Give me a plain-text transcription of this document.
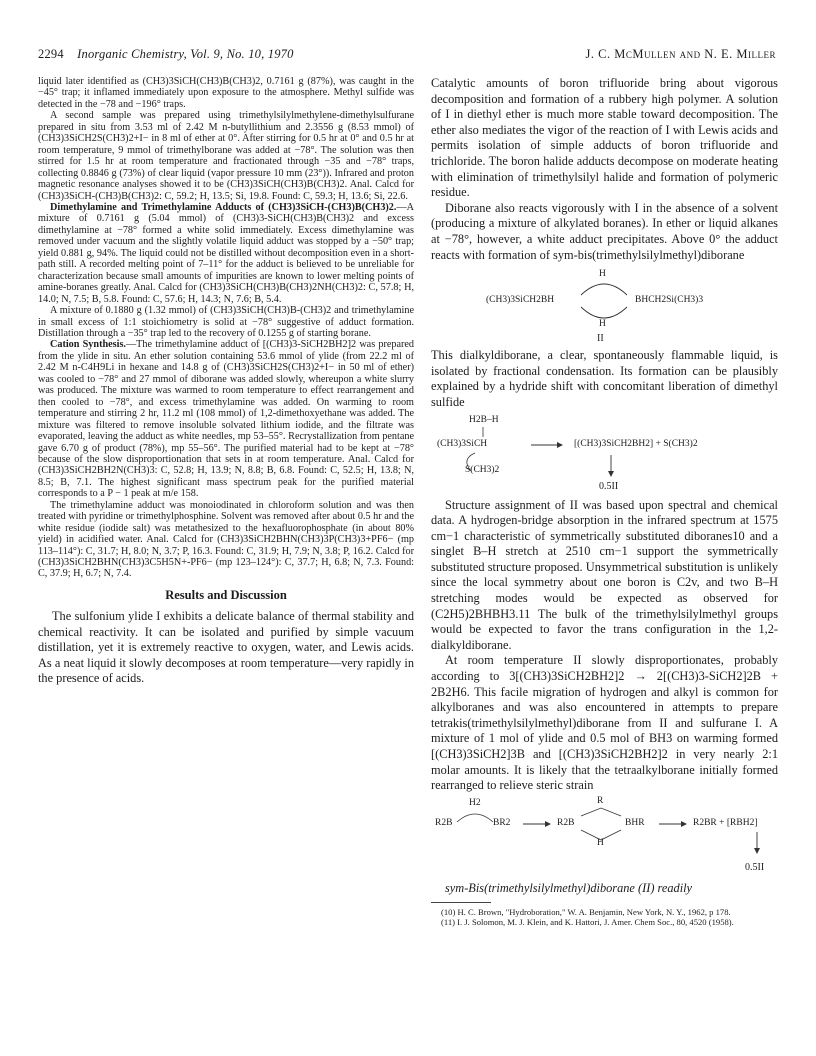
2294 Inorganic Chemistry, Vol. 9, No. 10, 1970	J. C. McMullen and N. E. Miller

liquid later identified as (CH3)3SiCH(CH3)B(CH3)2, 0.7161 g (87%), was caught in the −45° trap; it inflamed immediately upon exposure to the atmosphere. Methyl sulfide was detected in the −78 and −196° traps.

A second sample was prepared using trimethylsilylmethylene-dimethylsulfurane prepared in situ from 3.53 ml of 2.42 M n-butyllithium and 2.3556 g (8.53 mmol) of (CH3)3SiCH2S(CH3)2+I− in 8 ml of ether at 0°. After stirring for 0.5 hr at 0° and 0.5 hr at room temperature, 9 mmol of trimethylborane was added at −78°. The solution was then stirred for 1.5 hr at room temperature and fractionated through −35 and −78° traps, collecting 0.8846 g (73%) of clear liquid (vapor pressure 10 mm (23°)). Infrared and proton magnetic resonance analyses showed it to be (CH3)3SiCH(CH3)B(CH3)2. Anal. Calcd for (CH3)3SiCH-(CH3)B(CH3)2: C, 59.2; H, 13.5; Si, 19.8. Found: C, 59.3; H, 13.6; Si, 22.6.

Dimethylamine and Trimethylamine Adducts of (CH3)3SiCH-(CH3)B(CH3)2.—A mixture of 0.7161 g (5.04 mmol) of (CH3)3-SiCH(CH3)B(CH3)2 and excess dimethylamine at −78° formed a white solid immediately. Excess dimethylamine was removed under vacuum and the slightly volatile liquid adduct was stopped by a −50° trap; yield 0.881 g, 94%. The liquid could not be distilled without decomposition even in a short-path still. A recorded melting point of 7–11° for the adduct is believed to be unreliable for characterization because small amounts of impurities are known to lower melting points of amine-boranes greatly. Anal. Calcd for (CH3)3SiCH(CH3)B(CH3)2NH(CH3)2: C, 57.8; H, 14.0; N, 7.5; B, 5.8. Found: C, 57.6; H, 14.3; N, 7.6; B, 5.4.

A mixture of 0.1880 g (1.32 mmol) of (CH3)3SiCH(CH3)B-(CH3)2 and trimethylamine in small excess of 1:1 stoichiometry is solid at −78° suggestive of adduct formation. Distillation through a −35° trap led to the recovery of 0.1255 g of starting borane.

Cation Synthesis.—The trimethylamine adduct of [(CH3)3-SiCH2BH2]2 was prepared from the ylide in situ. An ether solution containing 53.6 mmol of ylide (from 22.2 ml of 2.42 M n-C4H9Li in hexane and 14.8 g of (CH3)3SiCH2S(CH3)2+I− in 50 ml of ether) was cooled to −78° and 27 mmol of diborane was added slowly, whereupon a white slurry was produced. The mixture was warmed to room temperature to effect rearrangement and then cooled to −78°, and excess trimethylamine was added. On warming to room temperature and stirring 2 hr, 11.2 ml (108 mmol) of 1,2-dimethoxyethane was added. The mixture was filtered to remove insoluble solvated lithium iodide, and the filtrate was evaporated, leaving the adduct as white needles, mp 53–55°. Recrystallization from pentane gave 6.70 g of product (78%), mp 55–56°. The purified material had to be kept at −78° because of the slow disproportionation that sets in at room temperature. Anal. Calcd for (CH3)3SiCH2BH2N(CH3)3: C, 52.8; H, 13.9; N, 8.8; B, 6.8. Found: C, 52.5; H, 13.8; N, 8.5; B, 7.1. The highest significant mass spectrum peak for the purified material corresponds to a P − 1 peak at m/e 158.

The trimethylamine adduct was monoiodinated in chloroform solution and was then treated with pyridine or trimethylphosphine. Solvent was removed after about 0.5 hr and the white residue (iodide salt) was metathesized to the hexafluorophosphate (in about 80% yield) in acidified water. Anal. Calcd for (CH3)3SiCH2BHN(CH3)3P(CH3)3+PF6− (mp 113–114°): C, 31.7; H, 8.0; N, 3.7; P, 16.3. Found: C, 31.9; H, 7.9; N, 3.8; P, 16.2. Calcd for (CH3)3SiCH2BHN(CH3)3C5H5N+-PF6− (mp 123–124°): C, 37.7; H, 6.8; N, 7.3. Found: C, 37.9; H, 6.7; N, 7.4.

Results and Discussion

The sulfonium ylide I exhibits a delicate balance of thermal stability and chemical reactivity. It can be isolated and purified by simple vacuum distillation, yet it is extremely reactive to oxygen, water, and Lewis acids. As a neat liquid it slowly decomposes at room temperature—very rapidly in the presence of acids.

Catalytic amounts of boron trifluoride bring about vigorous decomposition and formation of a rubbery high polymer. A solution of I in diethyl ether is much more stable toward decomposition. The ether also mediates the vigor of the reaction of I with Lewis acids and permits isolation of simple adducts of boron trifluoride and trichloride. The boron halide adducts decompose on moderate heating with elimination of trimethylsilyl halide and formation of polymeric residue.

Diborane also reacts vigorously with I in the absence of a solvent (producing a mixture of alkylated boranes). In ether or liquid alkanes at −78°, however, a white adduct precipitates. Above 0° the adduct reacts with formation of sym-bis(trimethylsilylmethyl)diborane

H
(CH3)3SiCH2BH	BHCH2Si(CH3)3
H
II

This dialkyldiborane, a clear, spontaneously flammable liquid, is isolated by fractional condensation. Its formation can be plausibly explained by a hydride shift with concomitant liberation of dimethyl sulfide

H2B–H
(CH3)3SiCH
S(CH3)2
[(CH3)3SiCH2BH2] + S(CH3)2
0.5II

Structure assignment of II was based upon spectral and chemical data. A hydrogen-bridge absorption in the infrared spectrum at 1575 cm−1 characteristic of symmetrically substituted diboranes10 and a singlet B–H stretch at 2510 cm−1 support the symmetrically substituted structure proposed. Unsymmetrical substitution is unlikely since the local symmetry about one boron is C2v, and two B–H stretching modes would be expected as observed for (C2H5)2BHBH3.11 The bulk of the trimethylsilylmethyl groups would be expected to favor the trans configuration in the 1,2-dialkyldiborane.

At room temperature II slowly disproportionates, probably according to 3[(CH3)3SiCH2BH2]2 → 2[(CH3)3-SiCH2]2B + 2B2H6. This facile migration of hydrogen and alkyl is common for alkylboranes and was also encountered in attempts to prepare tetrakis(trimethylsilylmethyl)diborane from II and sulfurane I. A mixture of 1 mol of ylide and 0.5 mol of BH3 on warming formed [(CH3)3SiCH2]3B and [(CH3)3SiCH2BH2]2 in very nearly 2:1 molar amounts. It is likely that the tetraalkylborane initially formed rearranged to relieve steric strain

H2
R2B	BR2
R
R2B	BHR
H
R2BR + [RBH2]
0.5II

sym-Bis(trimethylsilylmethyl)diborane (II) readily

(10) H. C. Brown, "Hydroboration," W. A. Benjamin, New York, N. Y., 1962, p 178.

(11) I. J. Solomon, M. J. Klein, and K. Hattori, J. Amer. Chem Soc., 80, 4520 (1958).
